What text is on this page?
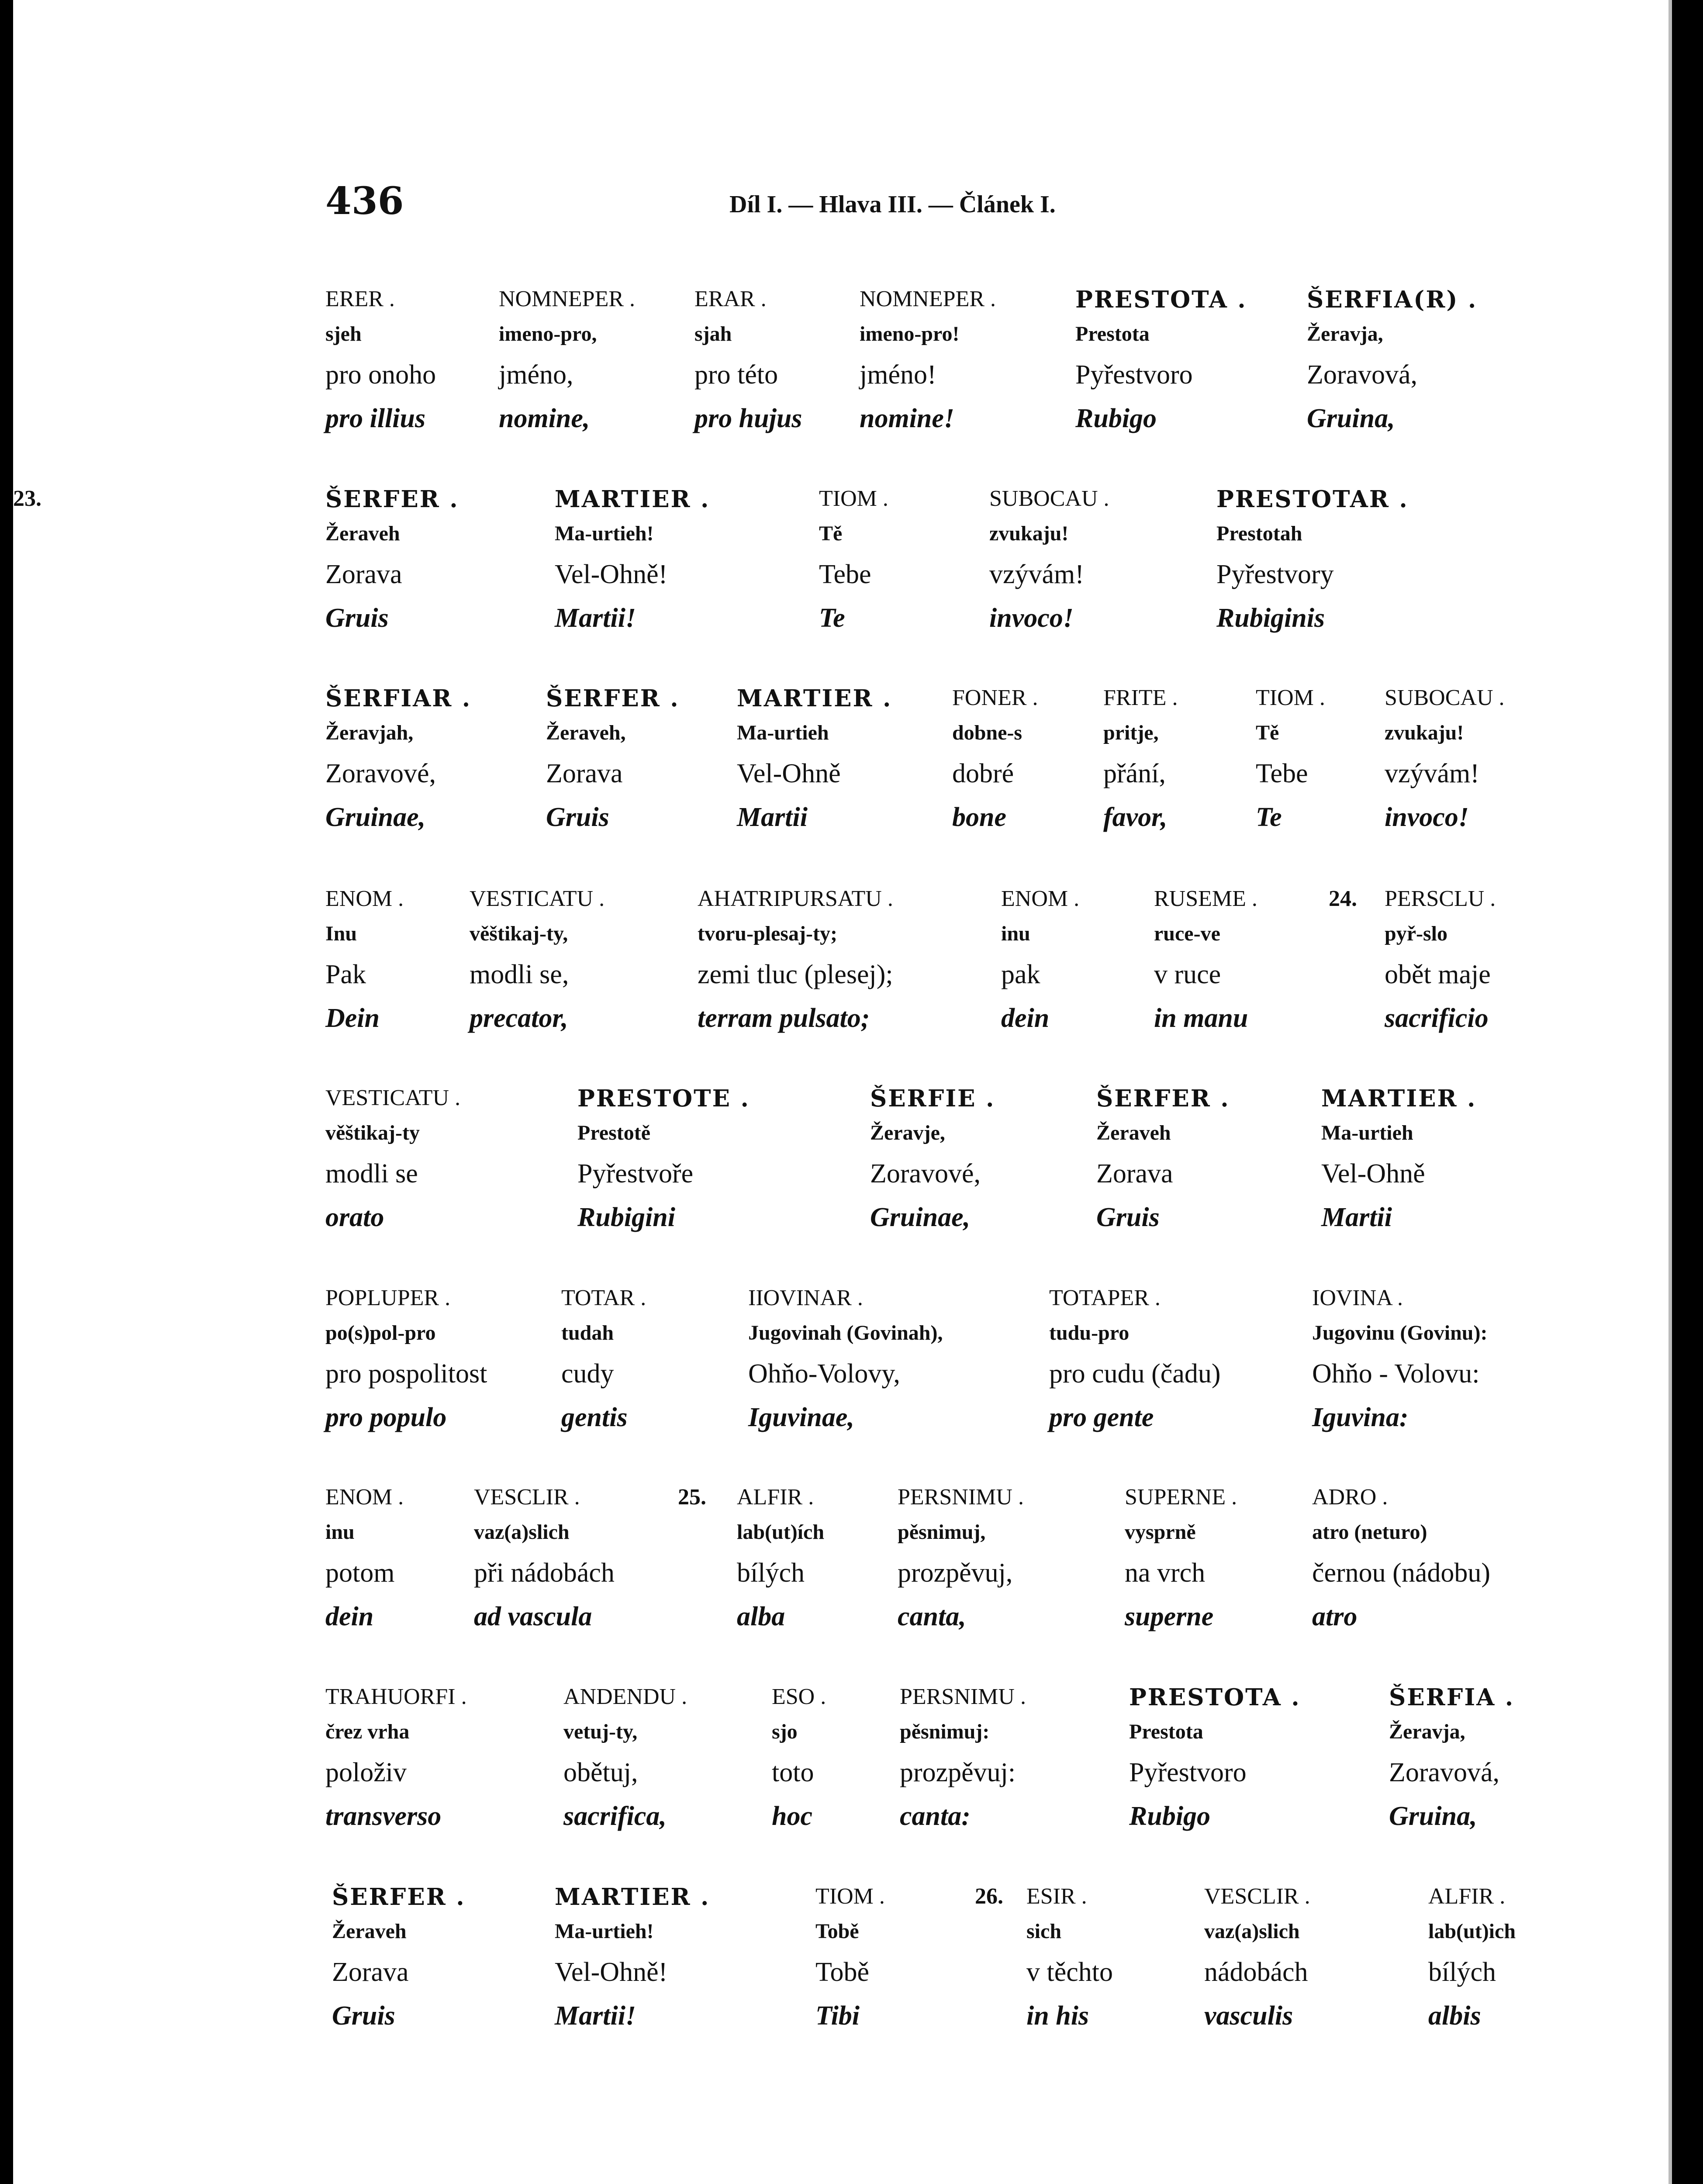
436	Díl I. — Hlava III. — Článek I.
ERER .
sjeh
pro onoho
pro illius
NOMNEPER .
imeno-pro,
jméno,
nomine,
ERAR .
sjah
pro této
pro hujus
NOMNEPER .
imeno-pro!
jméno!
nomine!
PRESTOTA .
Prestota
Pyřestvoro
Rubigo
ŠERFIA(R) .
Žeravja,
Zoravová,
Gruina,
23.	ŠERFER .
Žeraveh
Zorava
Gruis
MARTIER .
Ma-urtieh!
Vel-Ohně!
Martii!
TIOM .
Tě
Tebe
Te
SUBOCAU .
zvukaju!
vzývám!
invoco!
PRESTOTAR .
Prestotah
Pyřestvory
Rubiginis
ŠERFIAR .
Žeravjah,
Zoravové,
Gruinae,
ŠERFER .
Žeraveh,
Zorava
Gruis
MARTIER .
Ma-urtieh
Vel-Ohně
Martii
FONER .
dobne-s
dobré
bone
FRITE .
pritje,
přání,
favor,
TIOM .
Tě
Tebe
Te
SUBOCAU .
zvukaju!
vzývám!
invoco!
24.
ENOM .
Inu
Pak
Dein
VESTICATU .
věštikaj-ty,
modli se,
precator,
AHATRIPURSATU .
tvoru-plesaj-ty;
zemi tluc (plesej);
terram pulsato;
ENOM .
inu
pak
dein
RUSEME .
ruce-ve
v ruce
in manu
PERSCLU .
pyř-slo
obět maje
sacrificio
VESTICATU .
věštikaj-ty
modli se
orato
PRESTOTE .
Prestotě
Pyřestvoře
Rubigini
ŠERFIE .
Žeravje,
Zoravové,
Gruinae,
ŠERFER .
Žeraveh
Zorava
Gruis
MARTIER .
Ma-urtieh
Vel-Ohně
Martii
POPLUPER .
po(s)pol-pro
pro pospolitost
pro populo
TOTAR .
tudah
cudy
gentis
IIOVINAR .
Jugovinah (Govinah),
Ohňo-Volovy,
Iguvinae,
TOTAPER .
tudu-pro
pro cudu (čadu)
pro gente
IOVINA .
Jugovinu (Govinu):
Ohňo - Volovu:
Iguvina:
25.
ENOM .
inu
potom
dein
VESCLIR .
vaz(a)slich
při nádobách
ad vascula
ALFIR .
lab(ut)ích
bílých
alba
PERSNIMU .
pěsnimuj,
prozpěvuj,
canta,
SUPERNE .
vysprně
na vrch
superne
ADRO .
atro (neturo)
černou (nádobu)
atro
TRAHUORFI .
črez vrha
položiv
transverso
ANDENDU .
vetuj-ty,
obětuj,
sacrifica,
ESO .
sjo
toto
hoc
PERSNIMU .
pěsnimuj:
prozpěvuj:
canta:
PRESTOTA .
Prestota
Pyřestvoro
Rubigo
ŠERFIA .
Žeravja,
Zoravová,
Gruina,
26.
ŠERFER .
Žeraveh
Zorava
Gruis
MARTIER .
Ma-urtieh!
Vel-Ohně!
Martii!
TIOM .
Tobě
Tobě
Tibi
ESIR .
sich
v těchto
in his
VESCLIR .
vaz(a)slich
nádobách
vasculis
ALFIR .
lab(ut)ich
bílých
albis
